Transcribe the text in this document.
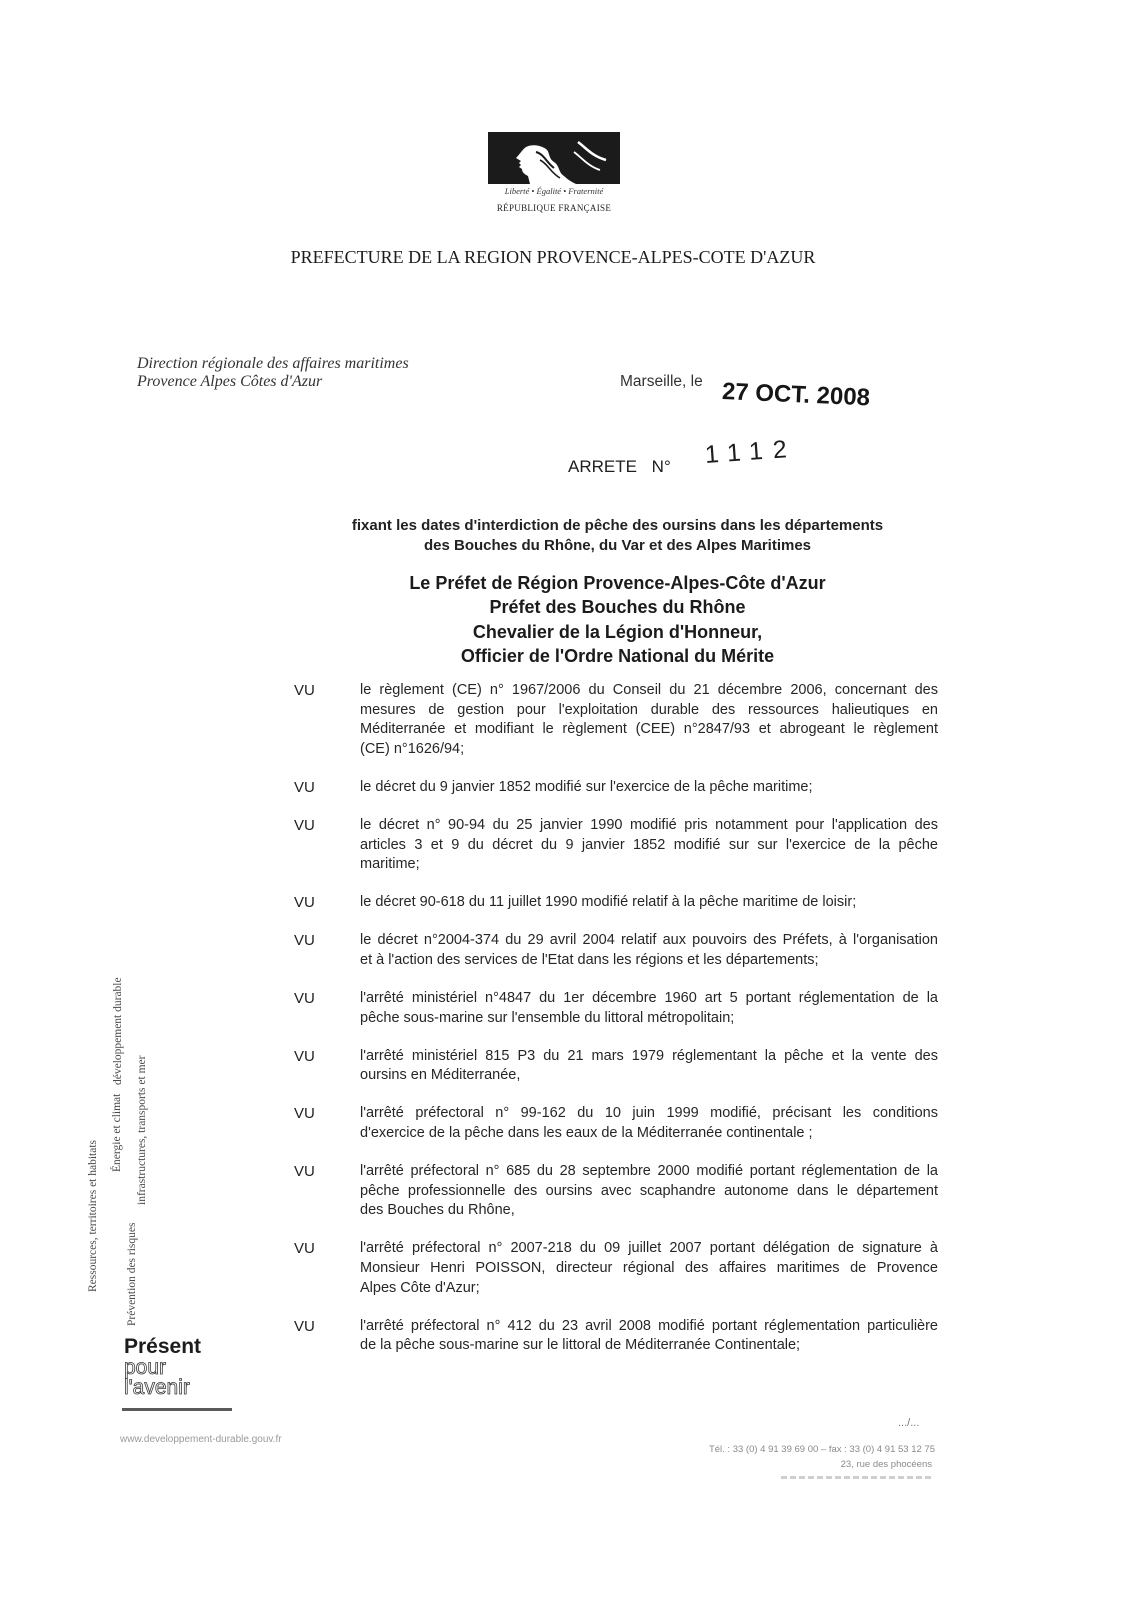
Liberté • Égalité • Fraternité
RÉPUBLIQUE FRANÇAISE
PREFECTURE DE LA REGION PROVENCE-ALPES-COTE D'AZUR
Direction régionale des affaires maritimes
Provence Alpes Côtes d'Azur	Marseille, le 27 OCT. 2008
ARRETE N° 1112
fixant les dates d'interdiction de pêche des oursins dans les départements
des Bouches du Rhône, du Var et des Alpes Maritimes
Le Préfet de Région Provence-Alpes-Côte d'Azur
Préfet des Bouches du Rhône
Chevalier de la Légion d'Honneur,
Officier de l'Ordre National du Mérite
VU	le règlement (CE) n° 1967/2006 du Conseil du 21 décembre 2006, concernant des
mesures de gestion pour l'exploitation durable des ressources halieutiques en
Méditerranée et modifiant le règlement (CEE) n°2847/93 et abrogeant le règlement
(CE) n°1626/94;
VU	le décret du 9 janvier 1852 modifié sur l'exercice de la pêche maritime;
VU	le décret n° 90-94 du 25 janvier 1990 modifié pris notamment pour l'application des
articles 3 et 9 du décret du 9 janvier 1852 modifié sur sur l'exercice de la pêche
maritime;
VU	le décret 90-618 du 11 juillet 1990 modifié relatif à la pêche maritime de loisir;
VU	le décret n°2004-374 du 29 avril 2004 relatif aux pouvoirs des Préfets, à l'organisation
et à l'action des services de l'Etat dans les régions et les départements;
VU	l'arrêté ministériel n°4847 du 1er décembre 1960 art 5 portant réglementation de la
pêche sous-marine sur l'ensemble du littoral métropolitain;
VU	l'arrêté ministériel 815 P3 du 21 mars 1979 réglementant la pêche et la vente des
oursins en Méditerranée,
VU	l'arrêté préfectoral n° 99-162 du 10 juin 1999 modifié, précisant les conditions
d'exercice de la pêche dans les eaux de la Méditerranée continentale ;
VU	l'arrêté préfectoral n° 685 du 28 septembre 2000 modifié portant réglementation de la
pêche professionnelle des oursins avec scaphandre autonome dans le département
des Bouches du Rhône,
VU	l'arrêté préfectoral n° 2007-218 du 09 juillet 2007 portant délégation de signature à
Monsieur Henri POISSON, directeur régional des affaires maritimes de Provence
Alpes Côte d'Azur;
VU	l'arrêté préfectoral n° 412 du 23 avril 2008 modifié portant réglementation particulière
de la pêche sous-marine sur le littoral de Méditerranée Continentale;
Ressources, territoires et habitats
Énergie et climat
développement durable
Prévention des risques
infrastructures, transports et mer
Présent
pour
l'avenir
www.developpement-durable.gouv.fr
.../...
Tél. : 33 (0) 4 91 39 69 00 – fax : 33 (0) 4 91 53 12 75
23, rue des phocéens
